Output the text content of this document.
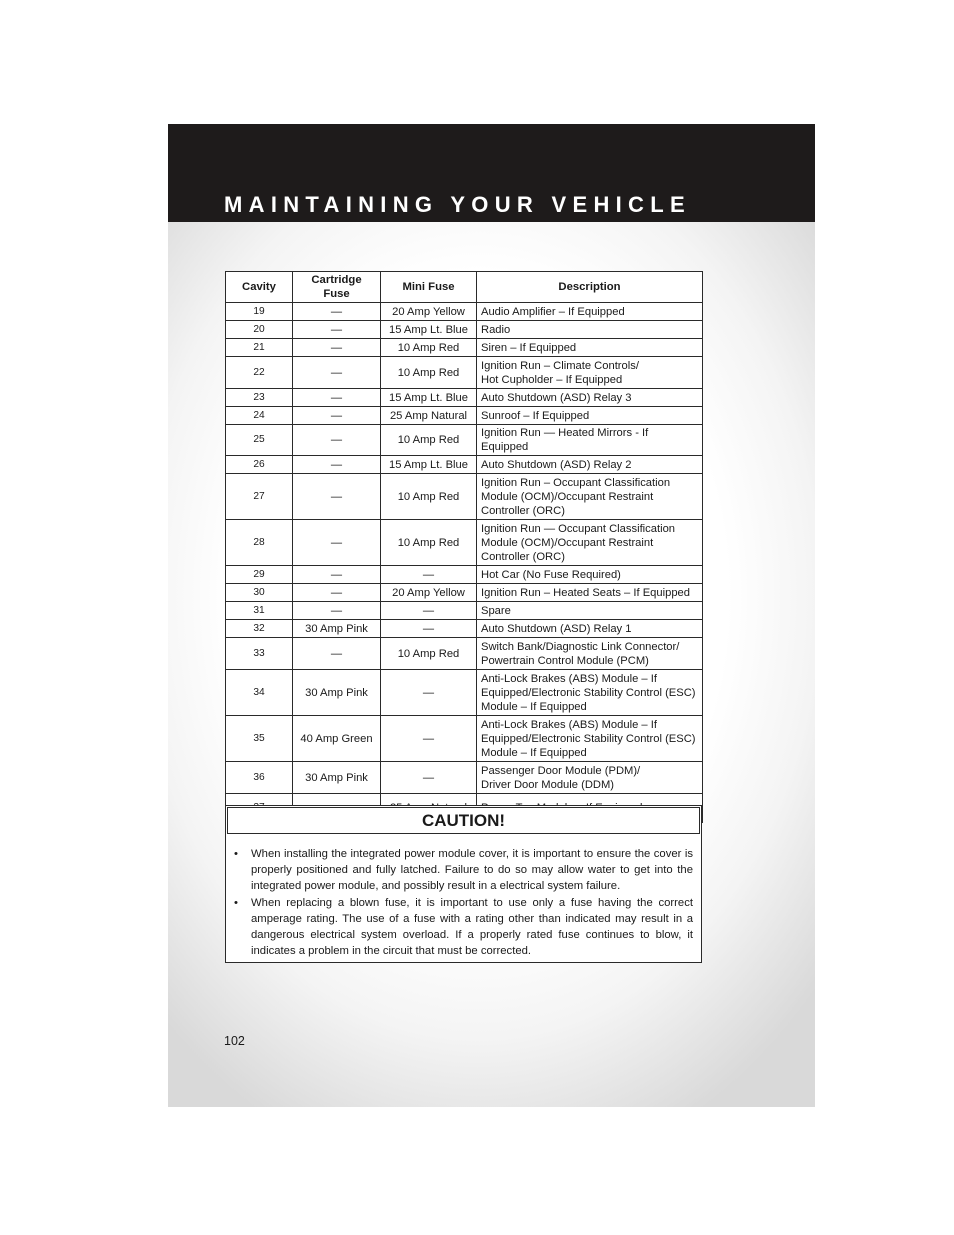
MAINTAINING YOUR VEHICLE
Cavity	Cartridge Fuse	Mini Fuse	Description
19	—	20 Amp Yellow	Audio Amplifier – If Equipped

20	—	15 Amp Lt. Blue	Radio

21	—	10 Amp Red	Siren – If Equipped

22	—	10 Amp Red	Ignition Run – Climate Controls/
Hot Cupholder – If Equipped

23	—	15 Amp Lt. Blue	Auto Shutdown (ASD) Relay 3

24	—	25 Amp Natural	Sunroof – If Equipped

25	—	10 Amp Red	Ignition Run — Heated Mirrors - If Equipped

26	—	15 Amp Lt. Blue	Auto Shutdown (ASD) Relay 2

27	—	10 Amp Red	Ignition Run – Occupant Classification
Module (OCM)/Occupant Restraint
Controller (ORC)

28	—	10 Amp Red	Ignition Run — Occupant Classification
Module (OCM)/Occupant Restraint
Controller (ORC)

29	—	—	Hot Car (No Fuse Required)

30	—	20 Amp Yellow	Ignition Run – Heated Seats – If Equipped

31	—	—	Spare

32	30 Amp Pink	—	Auto Shutdown (ASD) Relay 1

33	—	10 Amp Red	Switch Bank/Diagnostic Link Connector/
Powertrain Control Module (PCM)

34	30 Amp Pink	—	Anti-Lock Brakes (ABS) Module – If
Equipped/Electronic Stability Control (ESC)
Module – If Equipped

35	40 Amp Green	—	Anti-Lock Brakes (ABS) Module – If
Equipped/Electronic Stability Control (ESC)
Module – If Equipped

36	30 Amp Pink	—	Passenger Door Module (PDM)/
Driver Door Module (DDM)

CAUTION!
• When installing the integrated power module cover, it is important to ensure the cover is properly positioned and fully latched. Failure to do so may allow water to get into the integrated power module, and possibly result in a electrical system failure.
• When replacing a blown fuse, it is important to use only a fuse having the correct amperage rating. The use of a fuse with a rating other than indicated may result in a dangerous electrical system overload. If a properly rated fuse continues to blow, it indicates a problem in the circuit that must be corrected.
102
